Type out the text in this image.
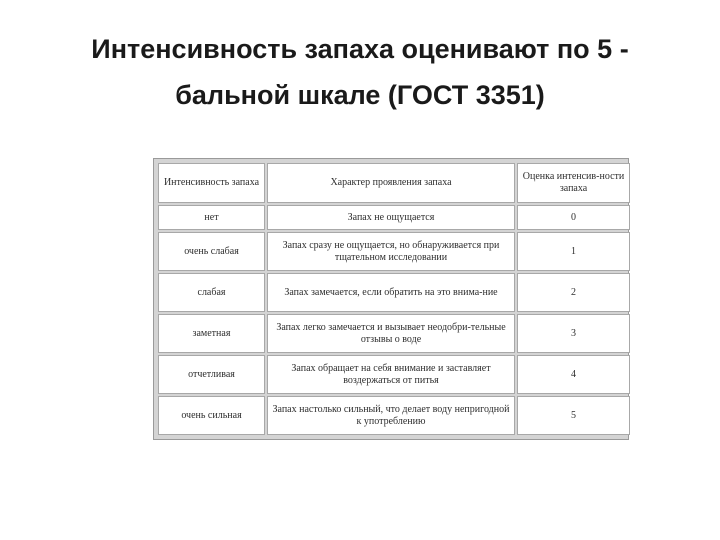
Интенсивность запаха оценивают по 5 -
бальной шкале (ГОСТ 3351)
Интенсивность запаха	Характер проявления запаха	Оценка интенсив-ности запаха
нет	Запах не ощущается	0
очень слабая	Запах сразу не ощущается, но обнаруживается при тщательном исследовании	1
слабая	Запах замечается, если обратить на это внима-ние	2
заметная	Запах легко замечается и вызывает неодобри-тельные отзывы о воде	3
отчетливая	Запах обращает на себя внимание и заставляет воздержаться от питья	4
очень сильная	Запах настолько сильный, что делает воду непригодной к употреблению	5
